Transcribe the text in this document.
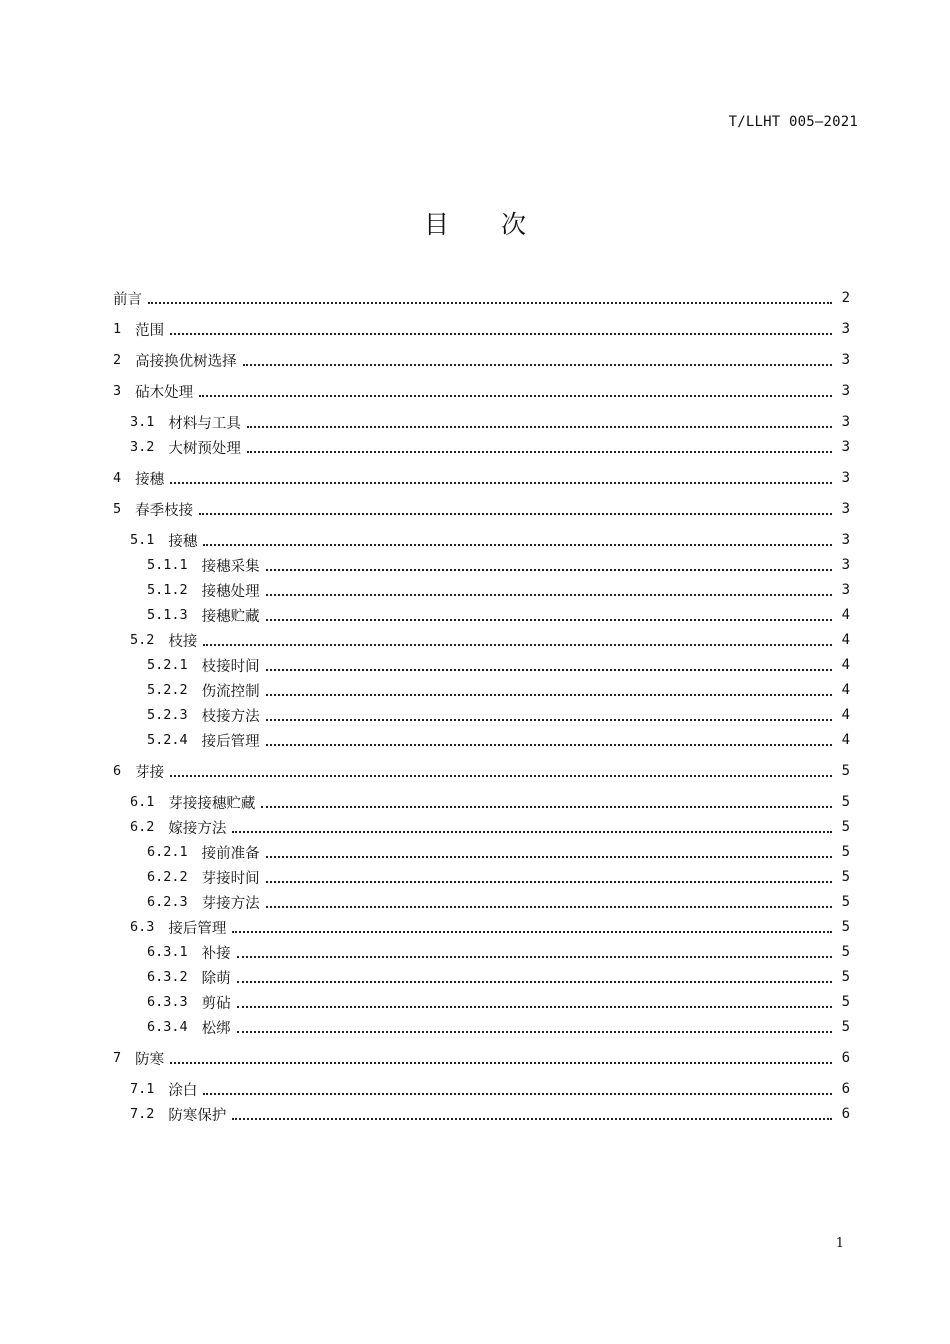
T/LLHT 005—2021
目 次
前言	2
1 范围	3
2 高接换优树选择	3
3 砧木处理	3
3.1 材料与工具	3
3.2 大树预处理	3
4 接穗	3
5 春季枝接	3
5.1 接穗	3
5.1.1 接穗采集	3
5.1.2 接穗处理	3
5.1.3 接穗贮藏	4
5.2 枝接	4
5.2.1 枝接时间	4
5.2.2 伤流控制	4
5.2.3 枝接方法	4
5.2.4 接后管理	4
6 芽接	5
6.1 芽接接穗贮藏	5
6.2 嫁接方法	5
6.2.1 接前准备	5
6.2.2 芽接时间	5
6.2.3 芽接方法	5
6.3 接后管理	5
6.3.1 补接	5
6.3.2 除萌	5
6.3.3 剪砧	5
6.3.4 松绑	5
7 防寒	6
7.1 涂白	6
7.2 防寒保护	6
1
